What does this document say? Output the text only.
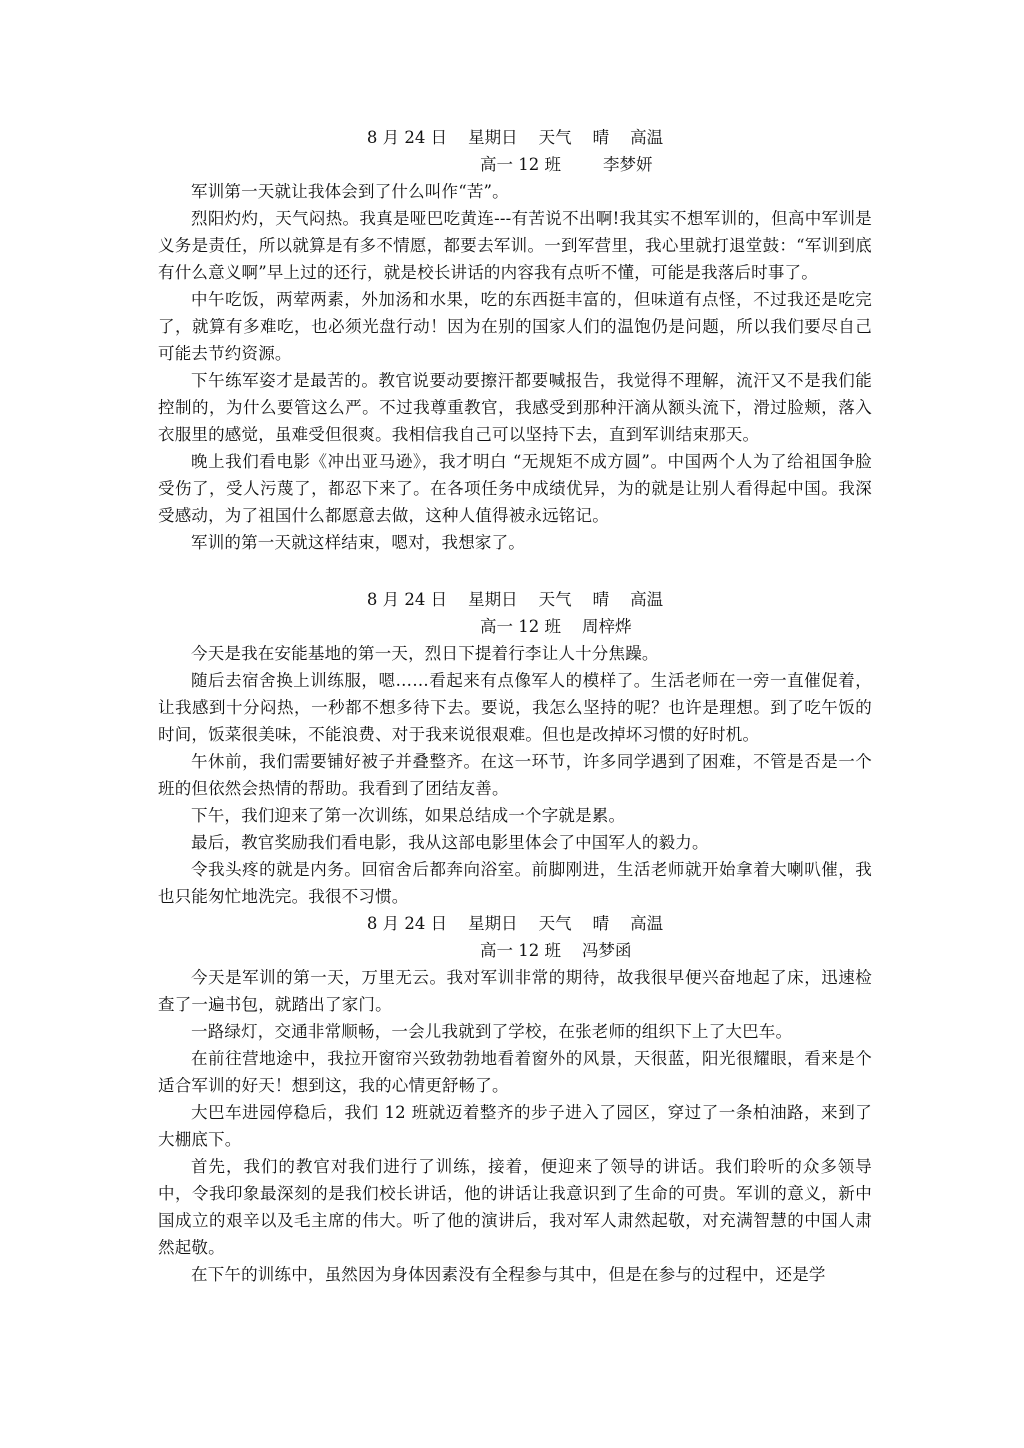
8 月 24 日    星期日    天气    晴    高温
高一 12 班        李梦妍

军训第一天就让我体会到了什么叫作“苦”。

烈阳灼灼，天气闷热。我真是哑巴吃黄连---有苦说不出啊!我其实不想军训的，但高中军训是义务是责任，所以就算是有多不情愿，都要去军训。一到军营里，我心里就打退堂鼓：“军训到底有什么意义啊”早上过的还行，就是校长讲话的内容我有点听不懂，可能是我落后时事了。

中午吃饭，两荤两素，外加汤和水果，吃的东西挺丰富的，但味道有点怪，不过我还是吃完了，就算有多难吃，也必须光盘行动！因为在别的国家人们的温饱仍是问题，所以我们要尽自己可能去节约资源。

下午练军姿才是最苦的。教官说要动要擦汗都要喊报告，我觉得不理解，流汗又不是我们能控制的，为什么要管这么严。不过我尊重教官，我感受到那种汗滴从额头流下，滑过脸颊，落入衣服里的感觉，虽难受但很爽。我相信我自己可以坚持下去，直到军训结束那天。

晚上我们看电影《冲出亚马逊》，我才明白 “无规矩不成方圆”。中国两个人为了给祖国争脸受伤了，受人污蔑了，都忍下来了。在各项任务中成绩优异，为的就是让别人看得起中国。我深受感动，为了祖国什么都愿意去做，这种人值得被永远铭记。

军训的第一天就这样结束，嗯对，我想家了。

8 月 24 日    星期日    天气    晴    高温
高一 12 班    周梓烨

今天是我在安能基地的第一天，烈日下提着行李让人十分焦躁。

随后去宿舍换上训练服，嗯……看起来有点像军人的模样了。生活老师在一旁一直催促着，让我感到十分闷热，一秒都不想多待下去。要说，我怎么坚持的呢？也许是理想。到了吃午饭的时间，饭菜很美味，不能浪费、对于我来说很艰难。但也是改掉坏习惯的好时机。

午休前，我们需要铺好被子并叠整齐。在这一环节，许多同学遇到了困难，不管是否是一个班的但依然会热情的帮助。我看到了团结友善。

下午，我们迎来了第一次训练，如果总结成一个字就是累。

最后，教官奖励我们看电影，我从这部电影里体会了中国军人的毅力。

令我头疼的就是内务。回宿舍后都奔向浴室。前脚刚进，生活老师就开始拿着大喇叭催，我也只能匆忙地洗完。我很不习惯。

8 月 24 日    星期日    天气    晴    高温
高一 12 班    冯梦函

今天是军训的第一天，万里无云。我对军训非常的期待，故我很早便兴奋地起了床，迅速检查了一遍书包，就踏出了家门。

一路绿灯，交通非常顺畅，一会儿我就到了学校，在张老师的组织下上了大巴车。

在前往营地途中，我拉开窗帘兴致勃勃地看着窗外的风景，天很蓝，阳光很耀眼，看来是个适合军训的好天！想到这，我的心情更舒畅了。

大巴车进园停稳后，我们 12 班就迈着整齐的步子进入了园区，穿过了一条柏油路，来到了大棚底下。

首先，我们的教官对我们进行了训练，接着，便迎来了领导的讲话。我们聆听的众多领导中，令我印象最深刻的是我们校长讲话，他的讲话让我意识到了生命的可贵。军训的意义，新中国成立的艰辛以及毛主席的伟大。听了他的演讲后，我对军人肃然起敬，对充满智慧的中国人肃然起敬。

在下午的训练中，虽然因为身体因素没有全程参与其中，但是在参与的过程中，还是学
